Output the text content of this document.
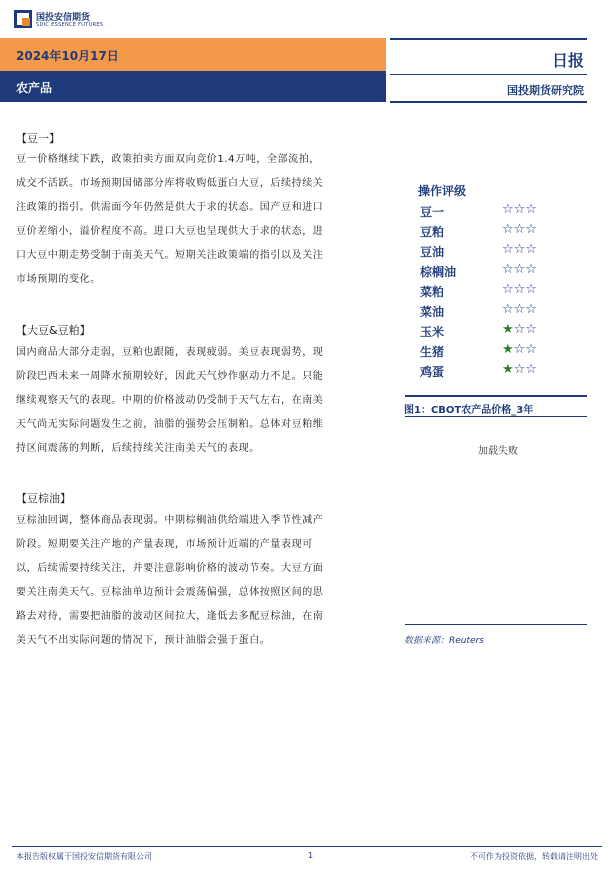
国投安信期货
SDIC ESSENCE FUTURES
2024年10月17日
农产品
日报
国投期货研究院
【豆一】
豆一价格继续下跌，政策拍卖方面双向竞价1.4万吨，全部流拍，
成交不活跃。市场预期国储部分库将收购低蛋白大豆，后续持续关
注政策的指引。供需面今年仍然是供大于求的状态。国产豆和进口
豆价差缩小，溢价程度不高。进口大豆也呈现供大于求的状态，进
口大豆中期走势受制于南美天气。短期关注政策端的指引以及关注
市场预期的变化。
【大豆&豆粕】
国内商品大部分走弱，豆粕也跟随，表现疲弱。美豆表现弱势，现
阶段巴西未来一周降水预期较好，因此天气炒作驱动力不足。只能
继续观察天气的表现。中期的价格波动仍受制于天气左右，在南美
天气尚无实际问题发生之前，油脂的强势会压制粕。总体对豆粕维
持区间震荡的判断，后续持续关注南美天气的表现。
【豆棕油】
豆棕油回调，整体商品表现弱。中期棕榈油供给端进入季节性减产
阶段。短期要关注产地的产量表现，市场预计近端的产量表现可
以，后续需要持续关注，并要注意影响价格的波动节奏。大豆方面
要关注南美天气。豆棕油单边预计会震荡偏强，总体按照区间的思
路去对待，需要把油脂的波动区间拉大，逢低去多配豆棕油，在南
美天气不出实际问题的情况下，预计油脂会强于蛋白。
操作评级
豆一	☆☆☆
豆粕	☆☆☆
豆油	☆☆☆
棕榈油	☆☆☆
菜粕	☆☆☆
菜油	☆☆☆
玉米	★☆☆
生猪	★☆☆
鸡蛋	★☆☆
图1：CBOT农产品价格_3年
加载失败
数据来源：Reuters
本报告版权属于国投安信期货有限公司	1	不可作为投资依据，转载请注明出处
